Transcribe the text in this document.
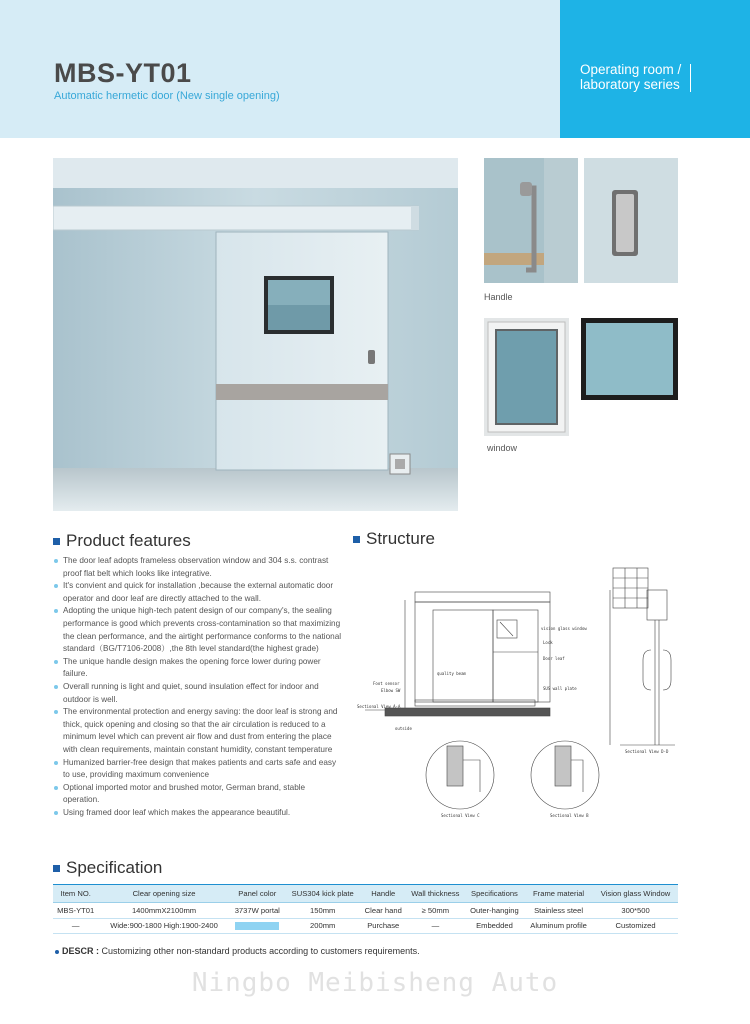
MBS-YT01
Automatic hermetic door (New single opening)
Operating room /
laboratory series
Handle
window
Product features
The door leaf adopts frameless observation window and 304 s.s. contrast proof flat belt which looks like integrative.
It's convient and quick for installation ,because the external automatic door operator and door leaf are directly attached to the wall.
Adopting the unique high-tech patent design of our company's, the sealing performance is good which prevents cross-contamination so that maximizing the clean performance, and the airtight performance conforms to the national standard（BG/T7106-2008）,the 8th level standard(the highest grade)
The unique handle design makes the opening force lower during power failure.
Overall running is light and quiet, sound insulation effect for indoor and outdoor is well.
The environmental protection and energy saving: the door leaf is strong and thick, quick opening and closing so that the air circulation is reduced to a minimum level which can prevent air flow and dust from entering the place with clean requirements, maintain constant humidity, constant temperature
Humanized barrier-free design that makes patients and carts safe and easy to use, providing maximum convenience
Optional imported motor and brushed motor, German brand, stable operation.
Using framed door leaf which makes the appearance beautiful.
Structure
Foot sensor
Elbow SW
Sectional View A-A
outside
Sectional View C	Sectional View B
Sectional View D-D
quality beam
Door leaf
SUS wall plate
vision glass window
Lock
Specification
Item NO.	Clear opening size	Panel color	SUS304 kick plate	Handle	Wall thickness	Specifications	Frame material	Vision glass Window
MBS-YT01	1400mmX2100mm	3737W portal	150mm	Clear hand	≥ 50mm	Outer-hanging	Stainless steel	300*500
—	Wide:900-1800 High:1900-2400		200mm	Purchase	—	Embedded	Aluminum profile	Customized
DESCR : Customizing other non-standard products according to customers requirements.
Ningbo Meibisheng Auto
